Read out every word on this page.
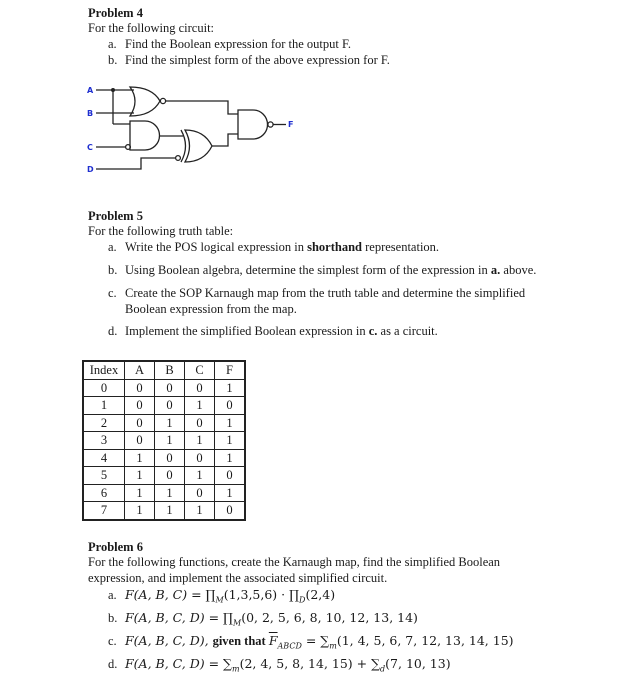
Problem 4
For the following circuit:
a. Find the Boolean expression for the output F.
b. Find the simplest form of the above expression for F.
A
B
C
D
F
Problem 5
For the following truth table:
a. Write the POS logical expression in shorthand representation.
b. Using Boolean algebra, determine the simplest form of the expression in a. above.
c. Create the SOP Karnaugh map from the truth table and determine the simplified
Boolean expression from the map.
d. Implement the simplified Boolean expression in c. as a circuit.
Index	A	B	C	F
0	0	0	0	1
1	0	0	1	0
2	0	1	0	1
3	0	1	1	1
4	1	0	0	1
5	1	0	1	0
6	1	1	0	1
7	1	1	1	0
Problem 6
For the following functions, create the Karnaugh map, find the simplified Boolean
expression, and implement the associated simplified circuit.
a. F(A, B, $C) = \prod_M(1,3,5,6)$ · $\prod_D(2,4)$
b. F(A, B, C, $D) = \prod_M(0$, 2, 5, 6, 8, 10, 12, 13, 14)
c. F(A, B, C, D), given that $\overline{F}_{ABCD} = \sum_m(1$, 4, 5, 6, 7, 12, 13, 14, 15)
d. F(A, B, C, $D) = \sum_m(2$, 4, 5, 8, 14, $15) + \sum_d(7$, 10, 13)
